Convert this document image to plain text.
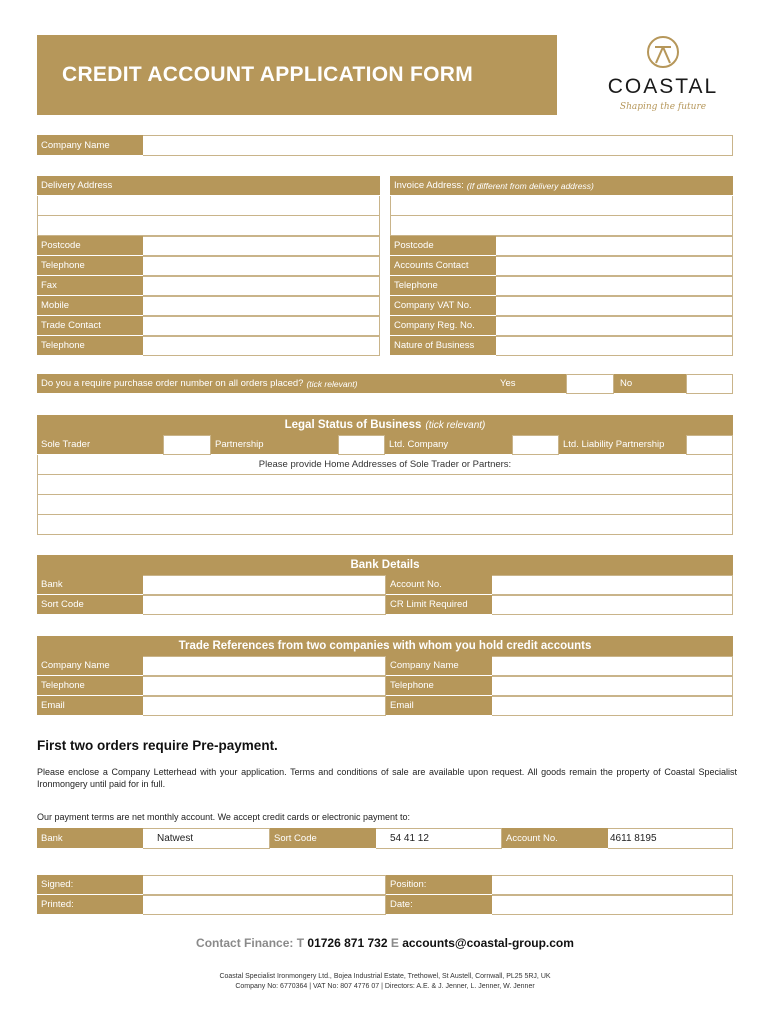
CREDIT ACCOUNT APPLICATION FORM
COASTAL
Shaping the future
Company Name
Delivery Address
Postcode
Telephone
Fax
Mobile
Trade Contact
Telephone
Invoice Address: (If different from delivery address)
Postcode
Accounts Contact
Telephone
Company VAT No.
Company Reg. No.
Nature of Business
Do you a require purchase order number on all orders placed? (tick relevant)	Yes	No
Legal Status of Business (tick relevant)
Sole Trader	Partnership	Ltd. Company	Ltd. Liability Partnership
Please provide Home Addresses of Sole Trader or Partners:
Bank Details
Bank
Sort Code
Account No.
CR Limit Required
Trade References from two companies with whom you hold credit accounts
Company Name
Telephone
Email
Company Name
Telephone
Email
First two orders require Pre-payment.
Please enclose a Company Letterhead with your application. Terms and conditions of sale are available upon request. All goods remain the property of Coastal Specialist Ironmongery until paid for in full.
Our payment terms are net monthly account. We accept credit cards or electronic payment to:
Bank	Natwest	Sort Code	54 41 12	Account No.	4611 8195
Signed:
Printed:
Position:
Date:
Contact Finance: T 01726 871 732 E accounts@coastal-group.com
Coastal Specialist Ironmongery Ltd., Bojea Industrial Estate, Trethowel, St Austell, Cornwall, PL25 5RJ, UK
Company No: 6770364 | VAT No: 807 4776 07 | Directors: A.E. & J. Jenner, L. Jenner, W. Jenner
